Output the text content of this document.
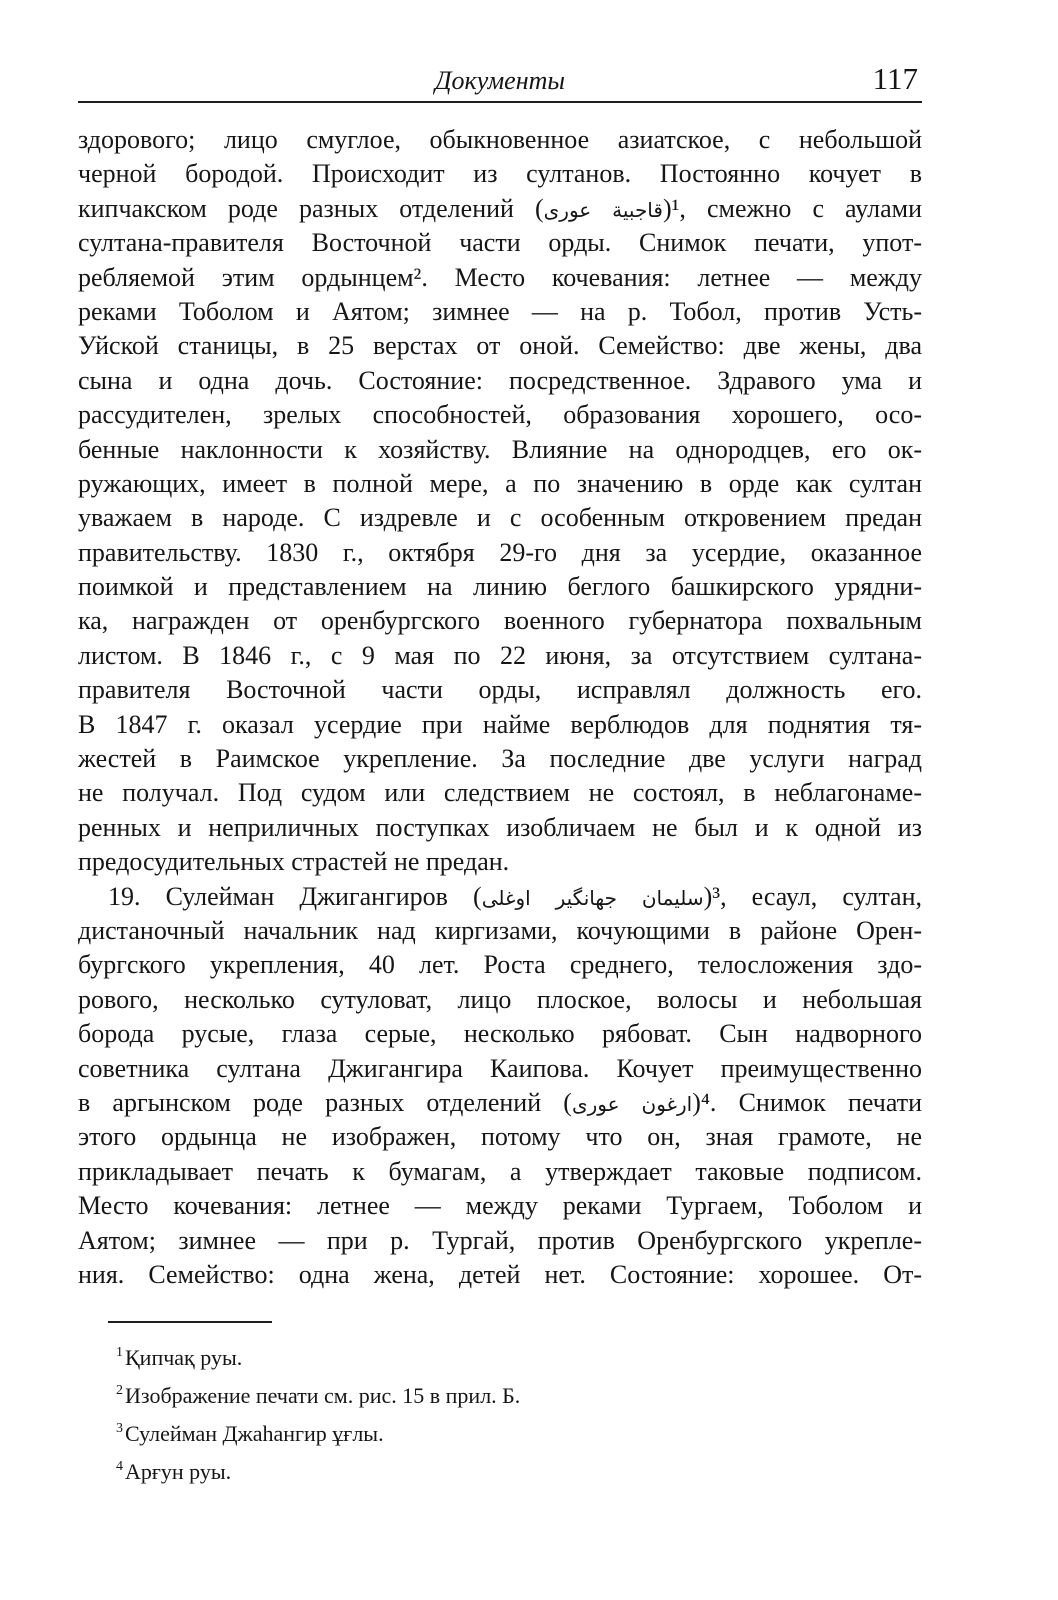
Документы	117
здорового; лицо смуглое, обыкновенное азиатское, с небольшой
черной бородой. Происходит из султанов. Постоянно кочует в
кипчакском роде разных отделений (قاجبیة عوری)¹, смежно с аулами
султана-правителя Восточной части орды. Снимок печати, упот-
ребляемой этим ордынцем². Место кочевания: летнее — между
реками Тоболом и Аятом; зимнее — на р. Тобол, против Усть-
Уйской станицы, в 25 верстах от оной. Семейство: две жены, два
сына и одна дочь. Состояние: посредственное. Здравого ума и
рассудителен, зрелых способностей, образования хорошего, осо-
бенные наклонности к хозяйству. Влияние на однородцев, его ок-
ружающих, имеет в полной мере, а по значению в орде как султан
уважаем в народе. С издревле и с особенным откровением предан
правительству. 1830 г., октября 29-го дня за усердие, оказанное
поимкой и представлением на линию беглого башкирского урядни-
ка, награжден от оренбургского военного губернатора похвальным
листом. В 1846 г., с 9 мая по 22 июня, за отсутствием султана-
правителя Восточной части орды, исправлял должность его.
В 1847 г. оказал усердие при найме верблюдов для поднятия тя-
жестей в Раимское укрепление. За последние две услуги наград
не получал. Под судом или следствием не состоял, в неблагонаме-
ренных и неприличных поступках изобличаем не был и к одной из
предосудительных страстей не предан.
19. Сулейман Джигангиров (سلیمان جهانگیر اوغلی)³, есаул, султан,
дистаночный начальник над киргизами, кочующими в районе Орен-
бургского укрепления, 40 лет. Роста среднего, телосложения здо-
рового, несколько сутуловат, лицо плоское, волосы и небольшая
борода русые, глаза серые, несколько рябоват. Сын надворного
советника султана Джигангира Каипова. Кочует преимущественно
в аргынском роде разных отделений (ارغون عوری)⁴. Снимок печати
этого ордынца не изображен, потому что он, зная грамоте, не
прикладывает печать к бумагам, а утверждает таковые подписом.
Место кочевания: летнее — между реками Тургаем, Тоболом и
Аятом; зимнее — при р. Тургай, против Оренбургского укрепле-
ния. Семейство: одна жена, детей нет. Состояние: хорошее. От-
$^1$Қипчақ руы.
$^2$Изображение печати см. рис. 15 в прил. Б.
$^3$Сулейман Джаһангир ұғлы.
$^4$Арғун руы.
